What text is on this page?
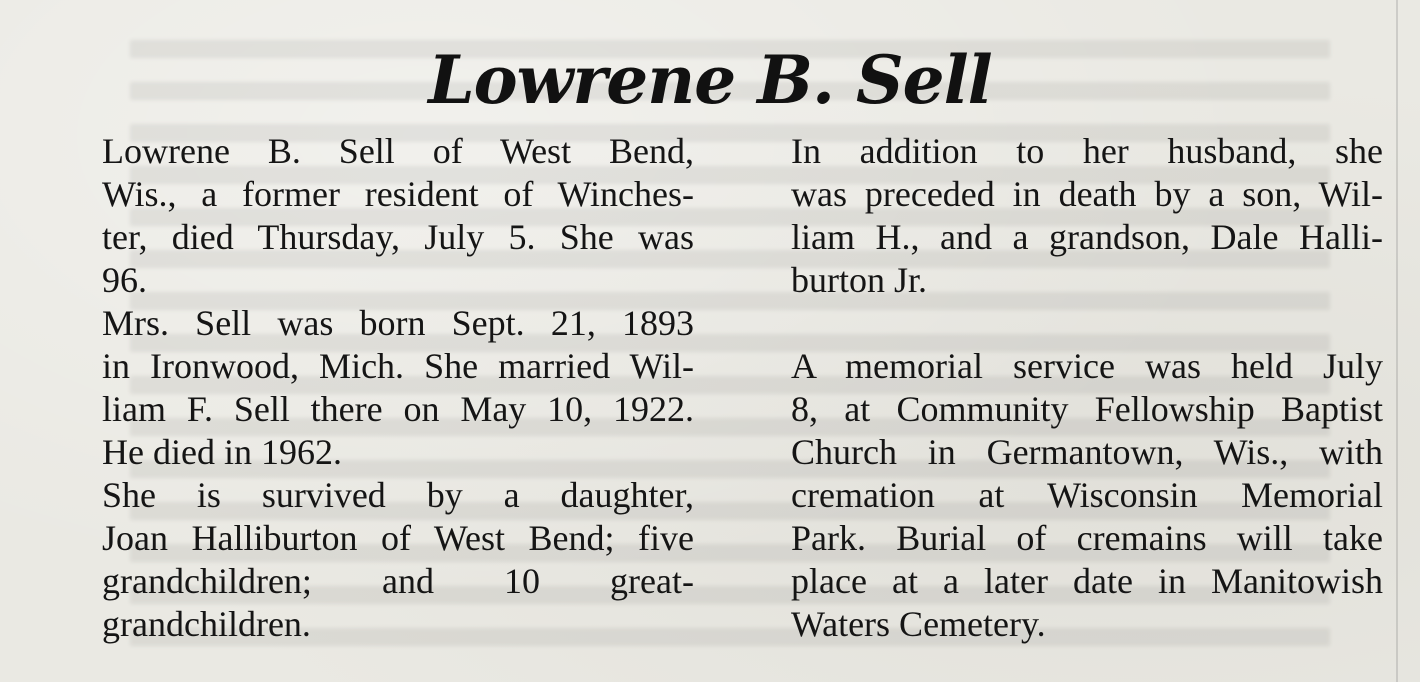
Lowrene B. Sell
Lowrene B. Sell of West Bend,
Wis., a former resident of Winches-
ter, died Thursday, July 5. She was
96.
Mrs. Sell was born Sept. 21, 1893
in Ironwood, Mich. She married Wil-
liam F. Sell there on May 10, 1922.
He died in 1962.
She is survived by a daughter,
Joan Halliburton of West Bend; five
grandchildren; and 10 great-
grandchildren.
In addition to her husband, she
was preceded in death by a son, Wil-
liam H., and a grandson, Dale Halli-
burton Jr.
A memorial service was held July
8, at Community Fellowship Baptist
Church in Germantown, Wis., with
cremation at Wisconsin Memorial
Park. Burial of cremains will take
place at a later date in Manitowish
Waters Cemetery.
